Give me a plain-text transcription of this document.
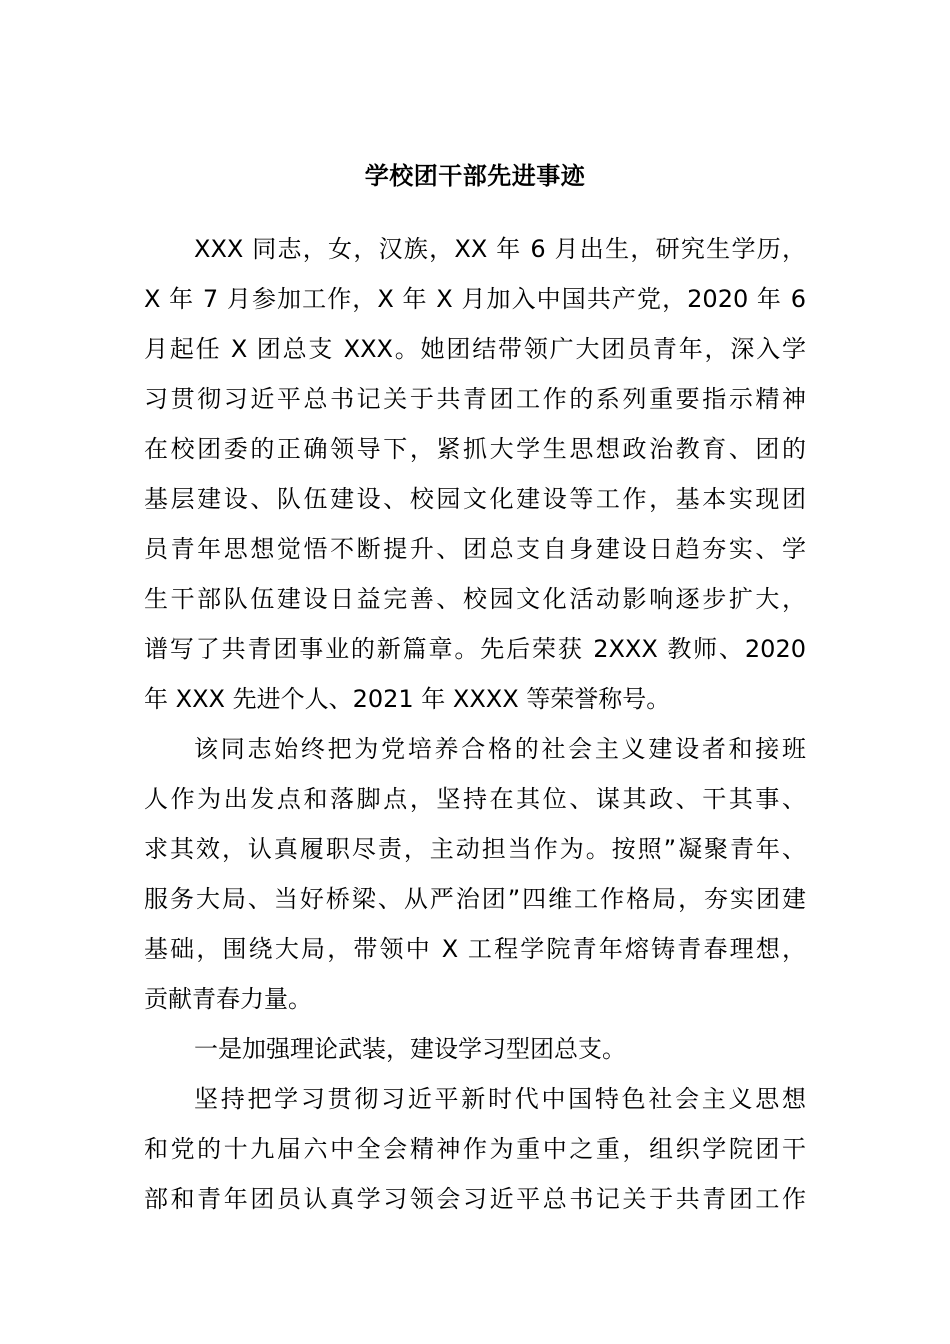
学校团干部先进事迹
XXX 同志，女，汉族，XX 年 6 月出生，研究生学历，
X 年 7 月参加工作，X 年 X 月加入中国共产党，2020 年 6
月起任 X 团总支 XXX。她团结带领广大团员青年，深入学
习贯彻习近平总书记关于共青团工作的系列重要指示精神
在校团委的正确领导下，紧抓大学生思想政治教育、团的
基层建设、队伍建设、校园文化建设等工作，基本实现团
员青年思想觉悟不断提升、团总支自身建设日趋夯实、学
生干部队伍建设日益完善、校园文化活动影响逐步扩大，
谱写了共青团事业的新篇章。先后荣获 2XXX 教师、2020
年 XXX 先进个人、2021 年 XXXX 等荣誉称号。
该同志始终把为党培养合格的社会主义建设者和接班
人作为出发点和落脚点，坚持在其位、谋其政、干其事、
求其效，认真履职尽责，主动担当作为。按照”凝聚青年、
服务大局、当好桥梁、从严治团”四维工作格局，夯实团建
基础，围绕大局，带领中 X 工程学院青年熔铸青春理想，
贡献青春力量。
一是加强理论武装，建设学习型团总支。
坚持把学习贯彻习近平新时代中国特色社会主义思想
和党的十九届六中全会精神作为重中之重，组织学院团干
部和青年团员认真学习领会习近平总书记关于共青团工作
